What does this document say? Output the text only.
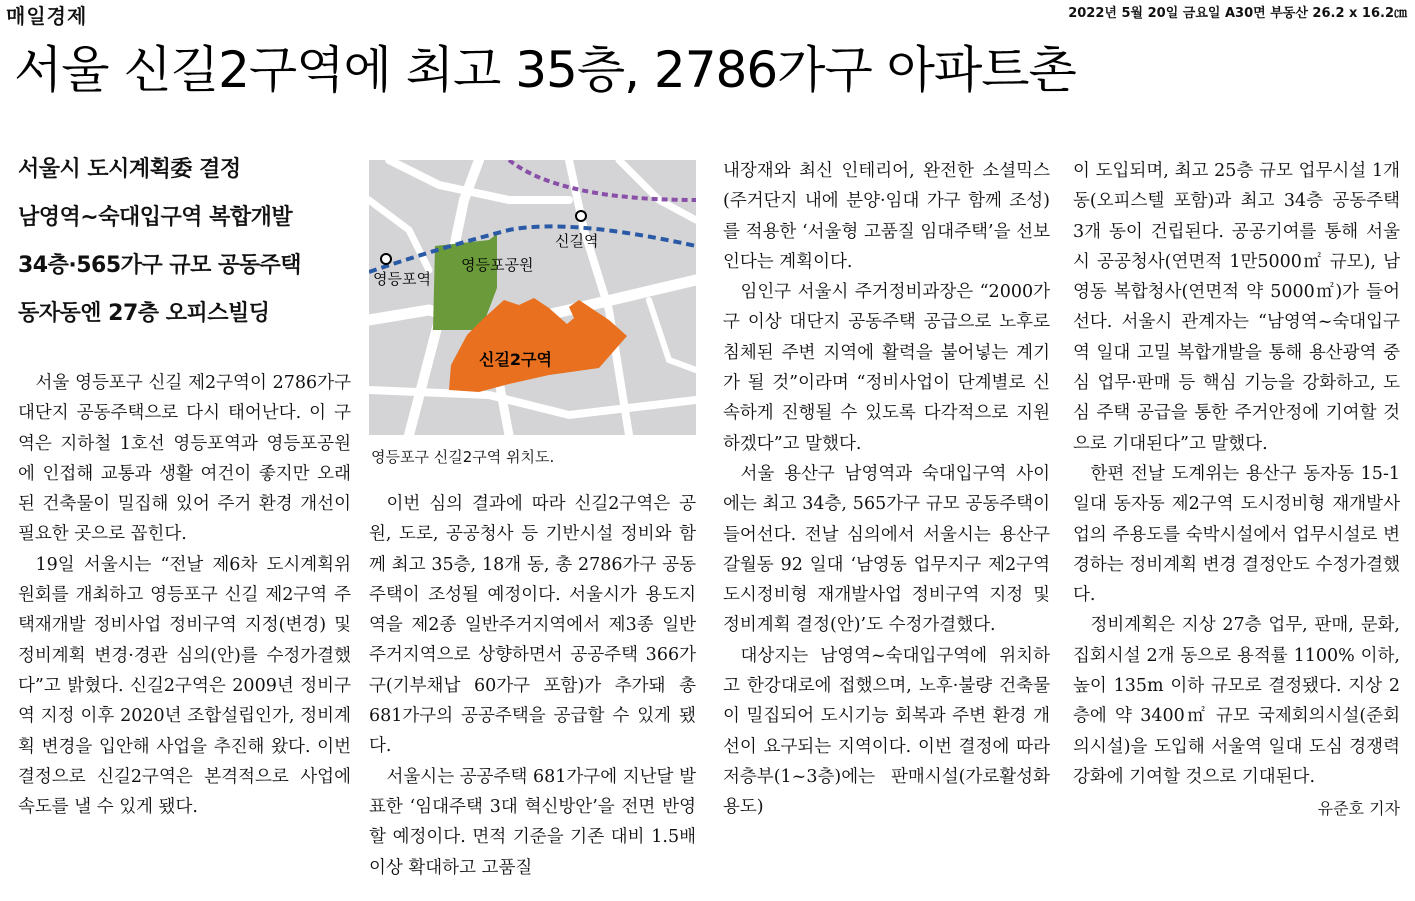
매일경제	2022년 5월 20일 금요일 A30면 부동산 26.2 x 16.2㎝
서울 신길2구역에 최고 35층, 2786가구 아파트촌
서울시 도시계획委 결정
남영역~숙대입구역 복합개발
34층·565가구 규모 공동주택
동자동엔 27층 오피스빌딩
신길역
영등포역
영등포공원
신길2구역
영등포구 신길2구역 위치도.

서울 영등포구 신길 제2구역이 2786가구 대단지 공동주택으로 다시 태어난다. 이 구역은 지하철 1호선 영등포역과 영등포공원에 인접해 교통과 생활 여건이 좋지만 오래된 건축물이 밀집해 있어 주거 환경 개선이 필요한 곳으로 꼽힌다.

19일 서울시는 “전날 제6차 도시계획위원회를 개최하고 영등포구 신길 제2구역 주택재개발 정비사업 정비구역 지정(변경) 및 정비계획 변경·경관 심의(안)를 수정가결했다”고 밝혔다. 신길2구역은 2009년 정비구역 지정 이후 2020년 조합설립인가, 정비계획 변경을 입안해 사업을 추진해 왔다. 이번 결정으로 신길2구역은 본격적으로 사업에 속도를 낼 수 있게 됐다.

이번 심의 결과에 따라 신길2구역은 공원, 도로, 공공청사 등 기반시설 정비와 함께 최고 35층, 18개 동, 총 2786가구 공동주택이 조성될 예정이다. 서울시가 용도지역을 제2종 일반주거지역에서 제3종 일반주거지역으로 상향하면서 공공주택 366가구(기부채납 60가구 포함)가 추가돼 총 681가구의 공공주택을 공급할 수 있게 됐다.

서울시는 공공주택 681가구에 지난달 발표한 ‘임대주택 3대 혁신방안’을 전면 반영할 예정이다. 면적 기준을 기존 대비 1.5배 이상 확대하고 고품질

내장재와 최신 인테리어, 완전한 소셜믹스(주거단지 내에 분양·임대 가구 함께 조성)를 적용한 ‘서울형 고품질 임대주택’을 선보인다는 계획이다.

임인구 서울시 주거정비과장은 “2000가구 이상 대단지 공동주택 공급으로 노후로 침체된 주변 지역에 활력을 불어넣는 계기가 될 것”이라며 “정비사업이 단계별로 신속하게 진행될 수 있도록 다각적으로 지원하겠다”고 말했다.

서울 용산구 남영역과 숙대입구역 사이에는 최고 34층, 565가구 규모 공동주택이 들어선다. 전날 심의에서 서울시는 용산구 갈월동 92 일대 ‘남영동 업무지구 제2구역 도시정비형 재개발사업 정비구역 지정 및 정비계획 결정(안)’도 수정가결했다.

대상지는 남영역~숙대입구역에 위치하고 한강대로에 접했으며, 노후·불량 건축물이 밀집되어 도시기능 회복과 주변 환경 개선이 요구되는 지역이다. 이번 결정에 따라 저층부(1~3층)에는 판매시설(가로활성화 용도)

이 도입되며, 최고 25층 규모 업무시설 1개 동(오피스텔 포함)과 최고 34층 공동주택 3개 동이 건립된다. 공공기여를 통해 서울시 공공청사(연면적 1만5000㎡ 규모), 남영동 복합청사(연면적 약 5000㎡)가 들어선다. 서울시 관계자는 “남영역~숙대입구역 일대 고밀 복합개발을 통해 용산광역 중심 업무·판매 등 핵심 기능을 강화하고, 도심 주택 공급을 통한 주거안정에 기여할 것으로 기대된다”고 말했다.

한편 전날 도계위는 용산구 동자동 15-1 일대 동자동 제2구역 도시정비형 재개발사업의 주용도를 숙박시설에서 업무시설로 변경하는 정비계획 변경 결정안도 수정가결했다.

정비계획은 지상 27층 업무, 판매, 문화, 집회시설 2개 동으로 용적률 1100% 이하, 높이 135m 이하 규모로 결정됐다. 지상 2층에 약 3400㎡ 규모 국제회의시설(준회의시설)을 도입해 서울역 일대 도심 경쟁력 강화에 기여할 것으로 기대된다.

유준호 기자
